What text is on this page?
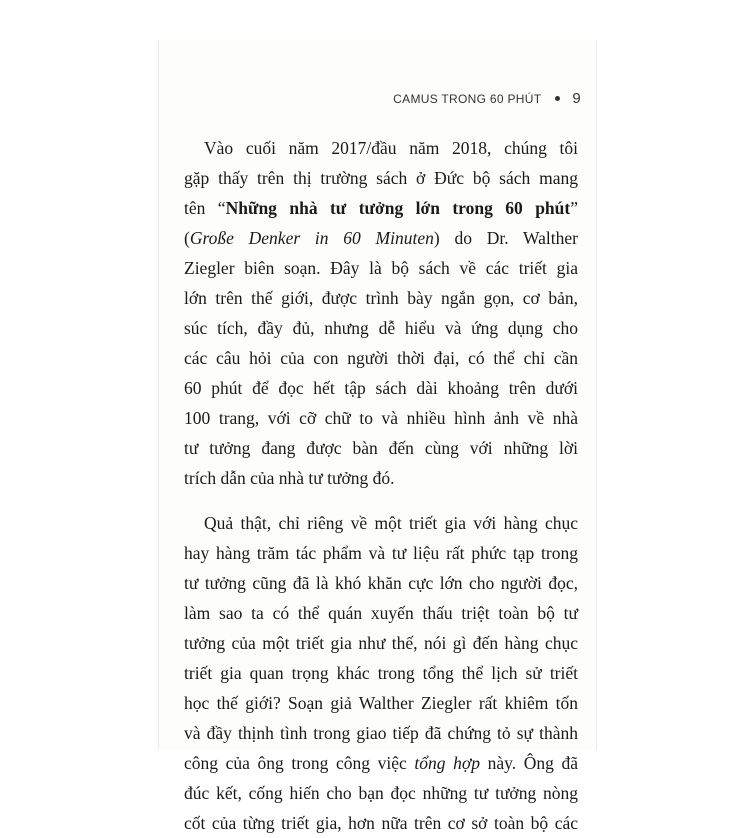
CAMUS TRONG 60 PHÚT 9
Vào cuối năm 2017/đầu năm 2018, chúng tôi
gặp thấy trên thị trường sách ở Đức bộ sách mang
tên “Những nhà tư tưởng lớn trong 60 phút”
(Große Denker in 60 Minuten) do Dr. Walther
Ziegler biên soạn. Đây là bộ sách về các triết gia
lớn trên thế giới, được trình bày ngắn gọn, cơ bản,
súc tích, đầy đủ, nhưng dễ hiểu và ứng dụng cho
các câu hỏi của con người thời đại, có thể chỉ cần
60 phút để đọc hết tập sách dài khoảng trên dưới
100 trang, với cỡ chữ to và nhiều hình ảnh về nhà
tư tưởng đang được bàn đến cùng với những lời
trích dẫn của nhà tư tưởng đó.
Quả thật, chỉ riêng về một triết gia với hàng chục
hay hàng trăm tác phẩm và tư liệu rất phức tạp trong
tư tưởng cũng đã là khó khăn cực lớn cho người đọc,
làm sao ta có thể quán xuyến thấu triệt toàn bộ tư
tưởng của một triết gia như thế, nói gì đến hàng chục
triết gia quan trọng khác trong tổng thể lịch sử triết
học thế giới? Soạn giả Walther Ziegler rất khiêm tốn
và đầy thịnh tình trong giao tiếp đã chứng tỏ sự thành
công của ông trong công việc tổng hợp này. Ông đã
đúc kết, cống hiến cho bạn đọc những tư tưởng nòng
cốt của từng triết gia, hơn nữa trên cơ sở toàn bộ các
